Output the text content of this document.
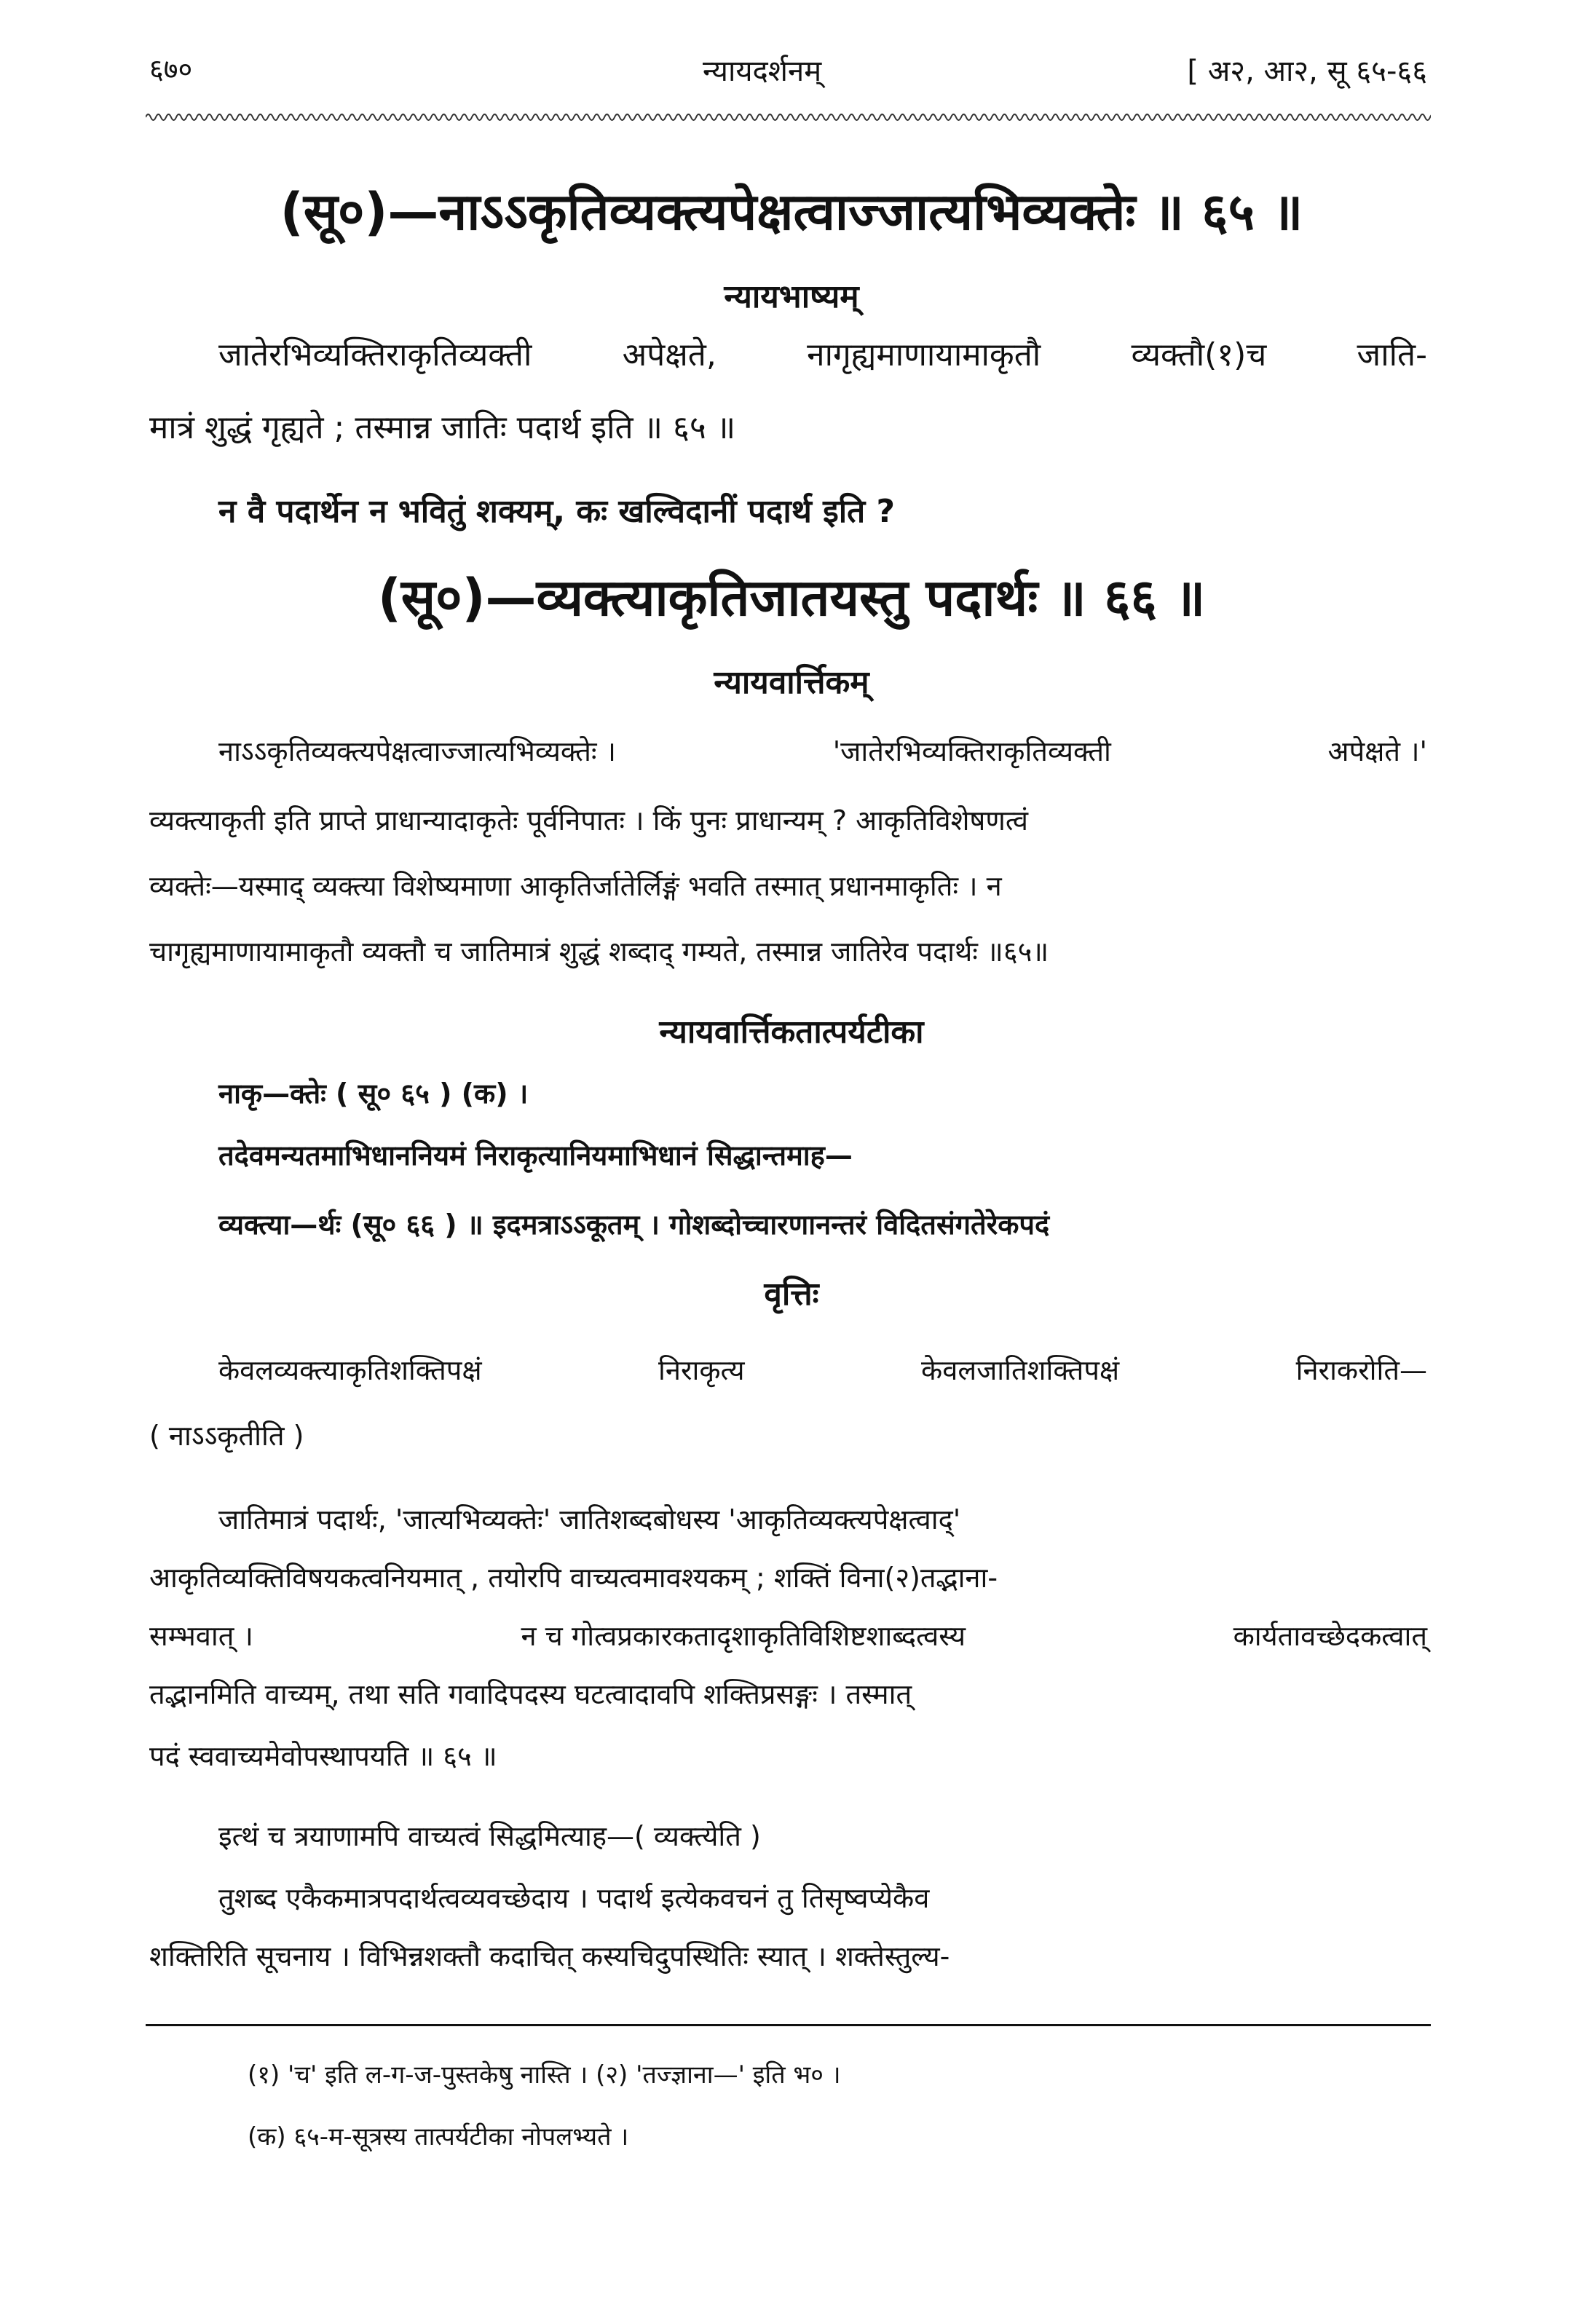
६७०	न्यायदर्शनम्	[ अ२, आ२, सू ६५-६६
(सू०)—नाऽऽकृतिव्यक्त्यपेक्षत्वाज्जात्यभिव्यक्तेः ॥ ६५ ॥
न्यायभाष्यम्
जातेरभिव्यक्तिराकृतिव्यक्ती	अपेक्षते,	नागृह्यमाणायामाकृतौ	व्यक्तौ(१)च	जाति-
मात्रं शुद्धं गृह्यते ; तस्मान्न जातिः पदार्थ इति ॥ ६५ ॥
न वै पदार्थेन न भवितुं शक्यम्, कः खल्विदानीं पदार्थ इति ?
(सू०)—व्यक्त्याकृतिजातयस्तु पदार्थः ॥ ६६ ॥
न्यायवार्त्तिकम्
नाऽऽकृतिव्यक्त्यपेक्षत्वाज्जात्यभिव्यक्तेः ।	'जातेरभिव्यक्तिराकृतिव्यक्ती	अपेक्षते ।'
व्यक्त्याकृती इति प्राप्ते प्राधान्यादाकृतेः पूर्वनिपातः । किं पुनः प्राधान्यम् ? आकृतिविशेषणत्वं
व्यक्तेः—यस्माद् व्यक्त्या विशेष्यमाणा आकृतिर्जातेर्लिङ्गं भवति तस्मात् प्रधानमाकृतिः । न
चागृह्यमाणायामाकृतौ व्यक्तौ च जातिमात्रं शुद्धं शब्दाद् गम्यते, तस्मान्न जातिरेव पदार्थः ॥६५॥
न्यायवार्त्तिकतात्पर्यटीका
नाकृ—क्तेः ( सू० ६५ ) (क) ।
तदेवमन्यतमाभिधाननियमं निराकृत्यानियमाभिधानं सिद्धान्तमाह—
व्यक्त्या—र्थः (सू० ६६ ) ॥ इदमत्राऽऽकूतम् । गोशब्दोच्चारणानन्तरं विदितसंगतेरेकपदं
वृत्तिः
केवलव्यक्त्याकृतिशक्तिपक्षं	निराकृत्य	केवलजातिशक्तिपक्षं	निराकरोति—
( नाऽऽकृतीति )
जातिमात्रं पदार्थः, 'जात्यभिव्यक्तेः' जातिशब्दबोधस्य 'आकृतिव्यक्त्यपेक्षत्वाद्'
आकृतिव्यक्तिविषयकत्वनियमात् , तयोरपि वाच्यत्वमावश्यकम् ; शक्तिं विना(२)तद्भाना-
सम्भवात् ।	न च गोत्वप्रकारकतादृशाकृतिविशिष्टशाब्दत्वस्य	कार्यतावच्छेदकत्वात्
तद्भानमिति वाच्यम्, तथा सति गवादिपदस्य घटत्वादावपि शक्तिप्रसङ्गः । तस्मात्
पदं स्ववाच्यमेवोपस्थापयति ॥ ६५ ॥
इत्थं च त्रयाणामपि वाच्यत्वं सिद्धमित्याह—( व्यक्त्येति )
तुशब्द एकैकमात्रपदार्थत्वव्यवच्छेदाय । पदार्थ इत्येकवचनं तु तिसृष्वप्येकैव
शक्तिरिति सूचनाय । विभिन्नशक्तौ कदाचित् कस्यचिदुपस्थितिः स्यात् । शक्तेस्तुल्य-
(१) 'च' इति ल-ग-ज-पुस्तकेषु नास्ति । (२) 'तज्ज्ञाना—' इति भ० ।
(क) ६५-म-सूत्रस्य तात्पर्यटीका नोपलभ्यते ।
